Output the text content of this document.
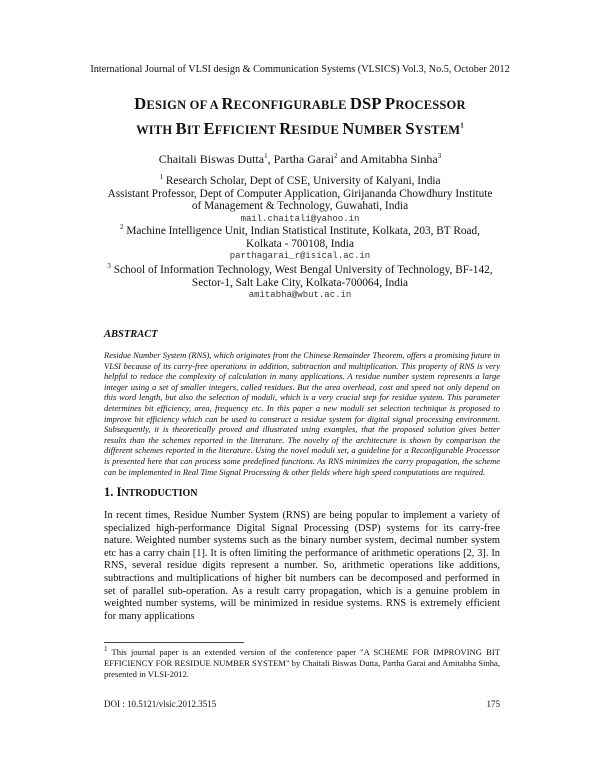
International Journal of VLSI design & Communication Systems (VLSICS) Vol.3, No.5, October 2012
DESIGN OF A RECONFIGURABLE DSP PROCESSOR
WITH BIT EFFICIENT RESIDUE NUMBER SYSTEM$^1$
Chaitali Biswas Dutta$^1$, Partha Garai$^2$ and Amitabha Sinha$^3$
$^1$ Research Scholar, Dept of CSE, University of Kalyani, India
Assistant Professor, Dept of Computer Application, Girijananda Chowdhury Institute
of Management & Technology, Guwahati, India
mail.chaitali@yahoo.in
$^2$ Machine Intelligence Unit, Indian Statistical Institute, Kolkata, 203, BT Road,
Kolkata - 700108, India
parthagarai_r@isical.ac.in
$^3$ School of Information Technology, West Bengal University of Technology, BF-142,
Sector-1, Salt Lake City, Kolkata-700064, India
amitabha@wbut.ac.in
ABSTRACT
Residue Number System (RNS), which originates from the Chinese Remainder Theorem, offers a promising future in VLSI because of its carry-free operations in addition, subtraction and multiplication. This property of RNS is very helpful to reduce the complexity of calculation in many applications. A residue number system represents a large integer using a set of smaller integers, called residues. But the area overhead, cost and speed not only depend on this word length, but also the selection of moduli, which is a very crucial step for residue system. This parameter determines bit efficiency, area, frequency etc. In this paper a new moduli set selection technique is proposed to improve bit efficiency which can be used to construct a residue system for digital signal processing environment. Subsequently, it is theoretically proved and illustrated using examples, that the proposed solution gives better results than the schemes reported in the literature. The novelty of the architecture is shown by comparison the different schemes reported in the literature. Using the novel moduli set, a guideline for a Reconfigurable Processor is presented here that can process some predefined functions. As RNS minimizes the carry propagation, the scheme can be implemented in Real Time Signal Processing & other fields where high speed computations are required.
1. INTRODUCTION
In recent times, Residue Number System (RNS) are being popular to implement a variety of specialized high-performance Digital Signal Processing (DSP) systems for its carry-free nature. Weighted number systems such as the binary number system, decimal number system etc has a carry chain [1]. It is often limiting the performance of arithmetic operations [2, 3]. In RNS, several residue digits represent a number. So, arithmetic operations like additions, subtractions and multiplications of higher bit numbers can be decomposed and performed in set of parallel sub-operation. As a result carry propagation, which is a genuine problem in weighted number systems, will be minimized in residue systems. RNS is extremely efficient for many applications
$^1$ This journal paper is an extended version of the conference paper "A SCHEME FOR IMPROVING BIT EFFICIENCY FOR RESIDUE NUMBER SYSTEM" by Chaitali Biswas Dutta, Partha Garai and Amitabha Sinha, presented in VLSI-2012.
DOI : 10.5121/vlsic.2012.3515	175
